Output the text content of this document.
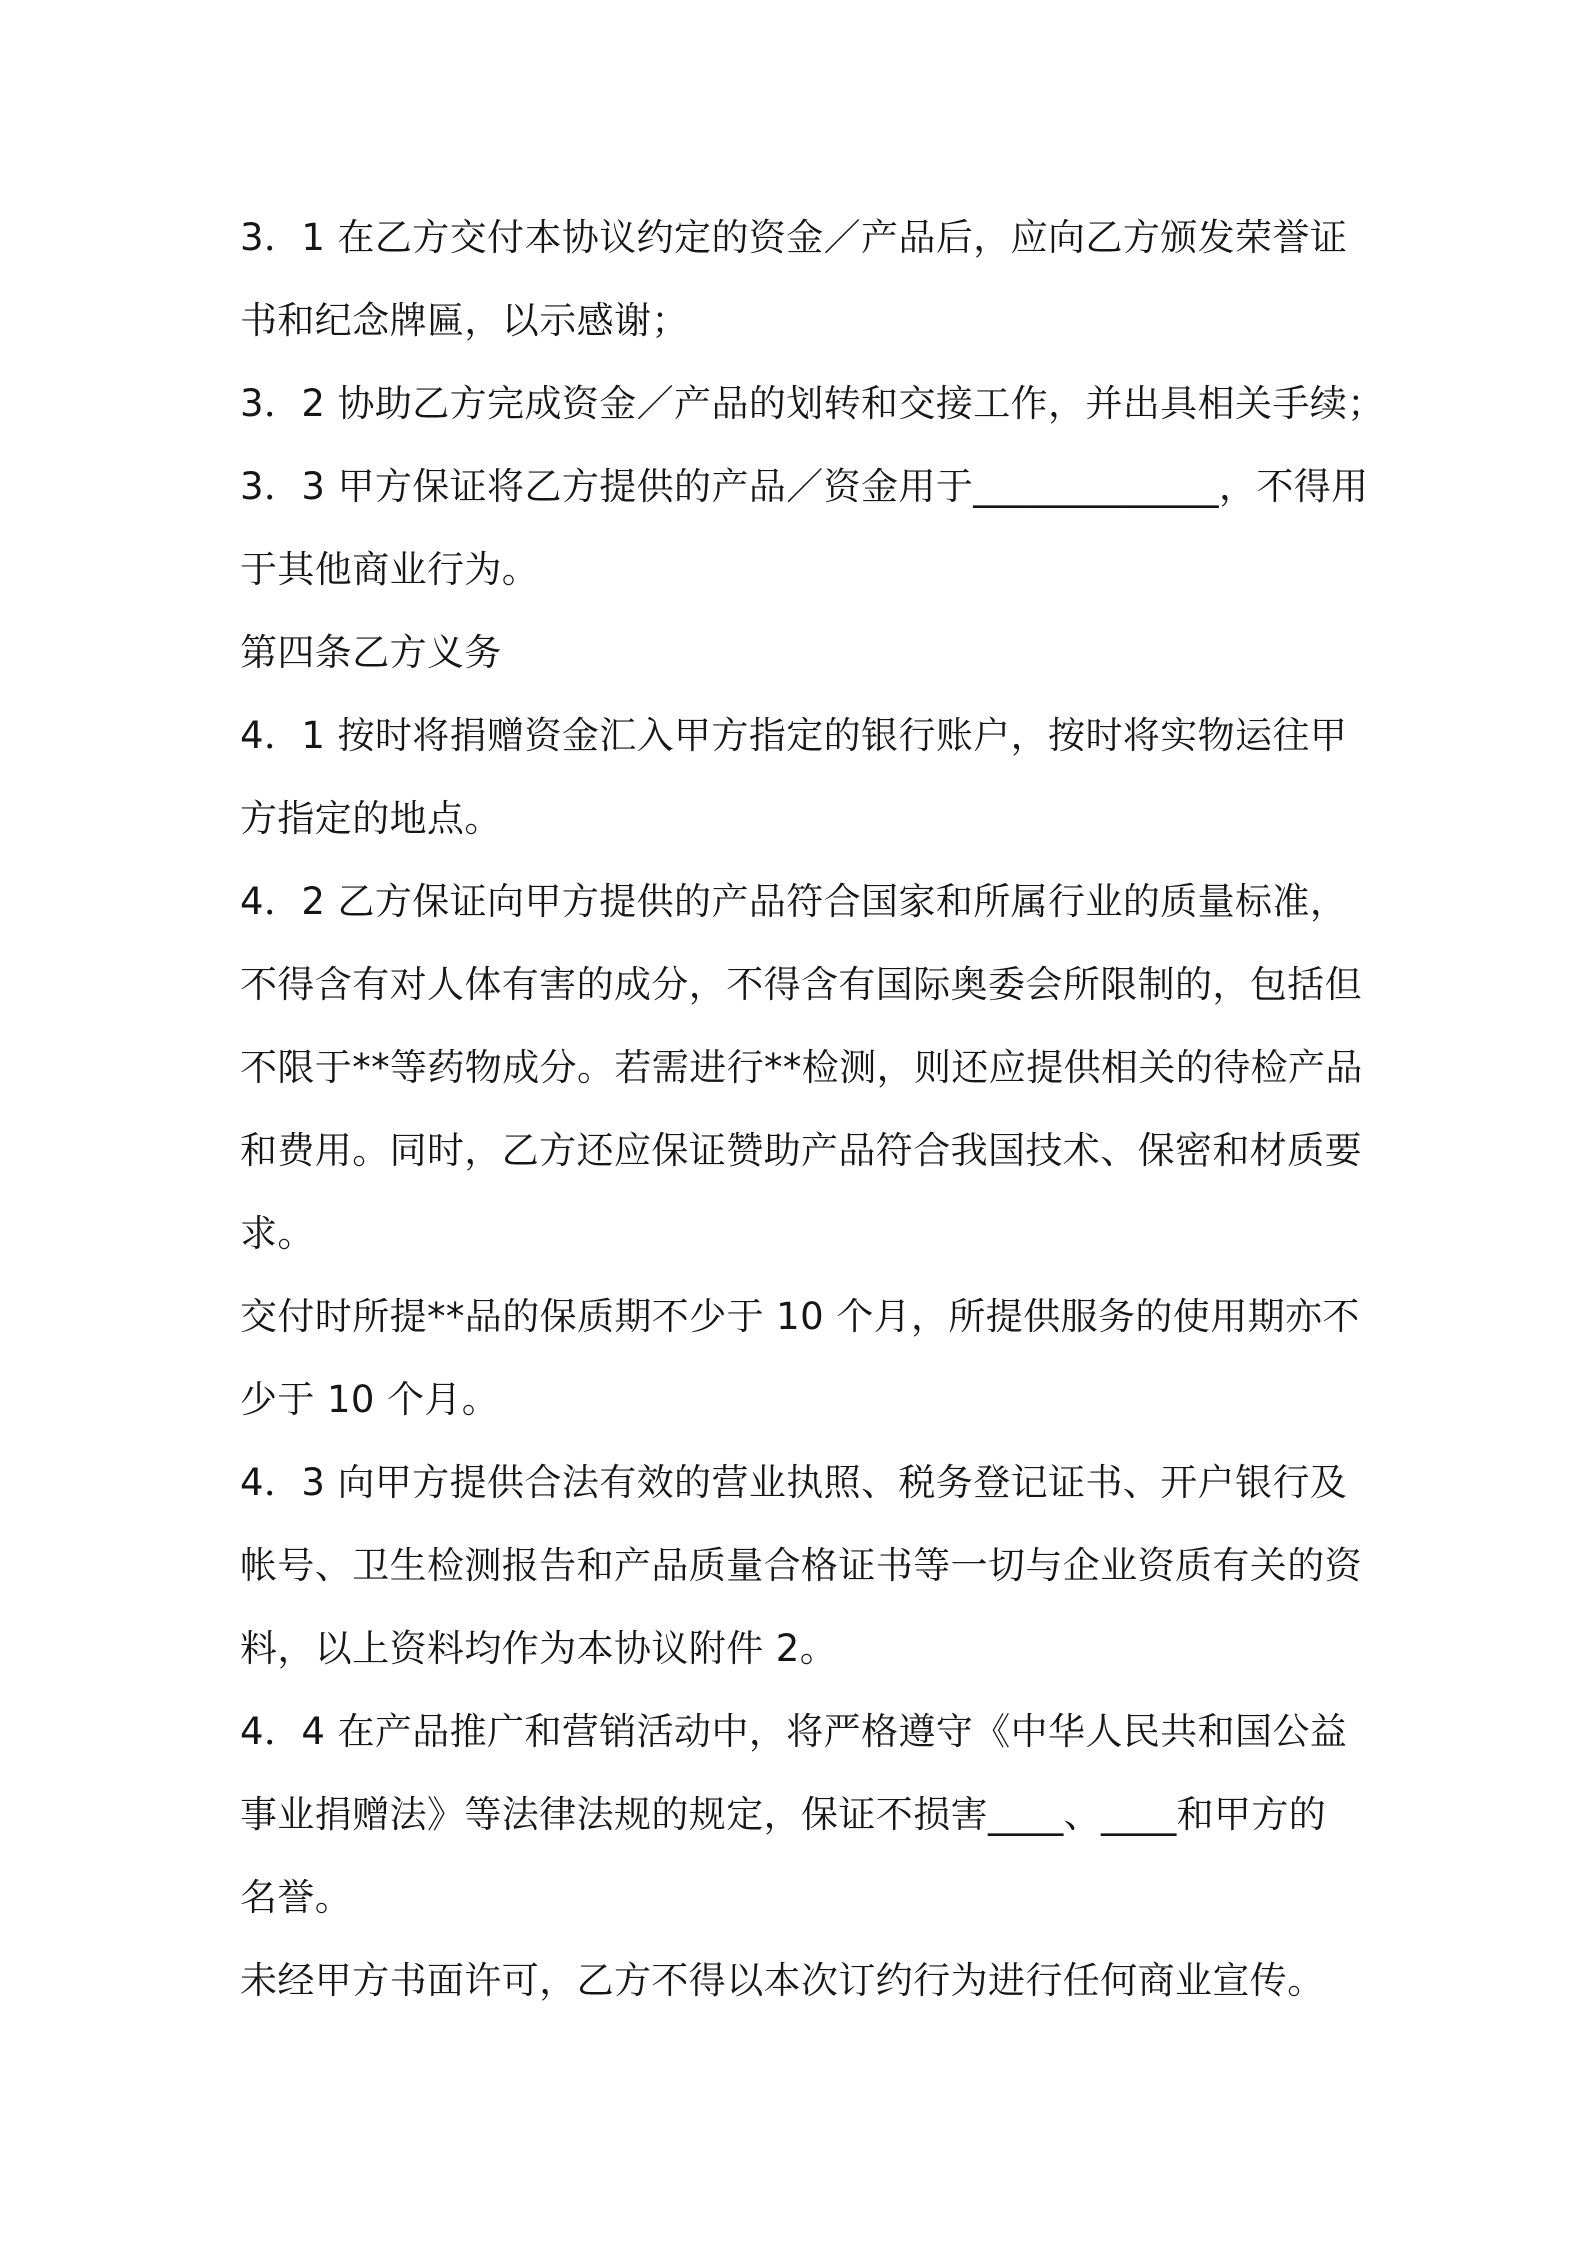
3．1 在乙方交付本协议约定的资金／产品后，应向乙方颁发荣誉证
书和纪念牌匾，以示感谢；
3．2 协助乙方完成资金／产品的划转和交接工作，并出具相关手续；
3．3 甲方保证将乙方提供的产品／资金用于_____________，不得用
于其他商业行为。
第四条乙方义务
4．1 按时将捐赠资金汇入甲方指定的银行账户，按时将实物运往甲
方指定的地点。
4．2 乙方保证向甲方提供的产品符合国家和所属行业的质量标准，
不得含有对人体有害的成分，不得含有国际奥委会所限制的，包括但
不限于**等药物成分。若需进行**检测，则还应提供相关的待检产品
和费用。同时，乙方还应保证赞助产品符合我国技术、保密和材质要
求。
交付时所提**品的保质期不少于 10 个月，所提供服务的使用期亦不
少于 10 个月。
4．3 向甲方提供合法有效的营业执照、税务登记证书、开户银行及
帐号、卫生检测报告和产品质量合格证书等一切与企业资质有关的资
料，以上资料均作为本协议附件 2。
4．4 在产品推广和营销活动中，将严格遵守《中华人民共和国公益
事业捐赠法》等法律法规的规定，保证不损害____、____和甲方的
名誉。
未经甲方书面许可，乙方不得以本次订约行为进行任何商业宣传。
